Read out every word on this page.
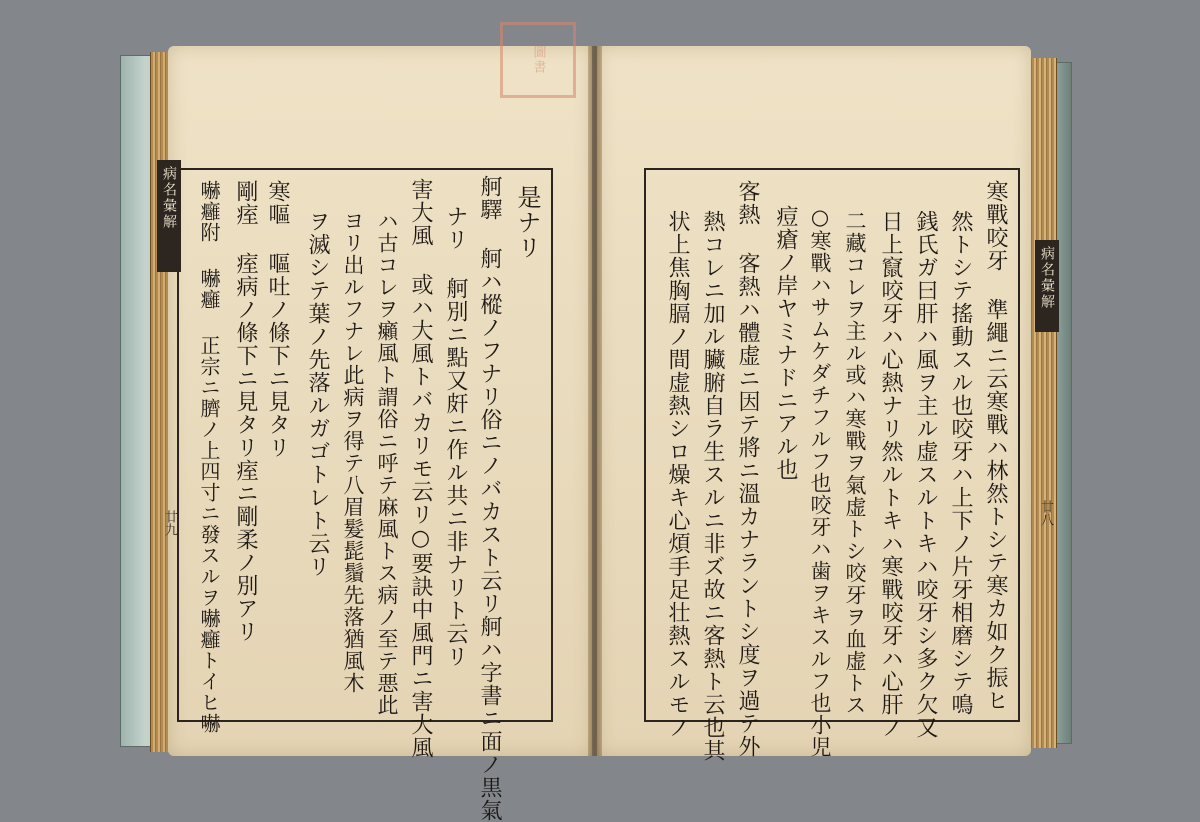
圖書
病名彙解
病名彙解
廿九	廿八
是ナリ
舸驛 舸ハ樅ノフナリ俗ニノバカスト云リ舸ハ字書ニ面ノ黒氣
ナリ 舸別ニ點又皯ニ作ル共ニ非ナリト云リ
害大風 或ハ大風トバカリモ云リ○要訣中風門ニ害大風
ハ古コレヲ癩風ト謂俗ニ呼テ麻風トス病ノ至テ悪此
ヨリ出ルフナレ此病ヲ得テ八眉髮髭鬚先落猶風木
ヲ滅シテ葉ノ先落ルガゴトレト云リ
寒嘔 嘔吐ノ條下ニ見タリ
剛痓 痓病ノ條下ニ見タリ痓ニ剛柔ノ別アリ
嚇癰附 嚇癰 正宗ニ臍ノ上四寸ニ發スルヲ嚇癰トイヒ嚇	寒戰咬牙 準繩ニ云寒戰ハ林然トシテ寒カ如ク振ヒ
然トシテ搖動スル也咬牙ハ上下ノ片牙相磨シテ鳴
銭氏ガ曰肝ハ風ヲ主ル虚スルトキハ咬牙シ多ク欠又
日上竄咬牙ハ心熱ナリ然ルトキハ寒戰咬牙ハ心肝ノ
二藏コレヲ主ル或ハ寒戰ヲ氣虚トシ咬牙ヲ血虚トス
○寒戰ハサムケダチフルフ也咬牙ハ歯ヲキスルフ也小児
痘瘡ノ岸ヤミナドニアル也
客熱 客熱ハ體虚ニ因テ將ニ溫カナラントシ度ヲ過テ外
熱コレニ加ル臟腑自ラ生スルニ非ズ故ニ客熱ト云也其
状上焦胸膈ノ間虚熱シロ燥キ心煩手足壮熱スルモノ
